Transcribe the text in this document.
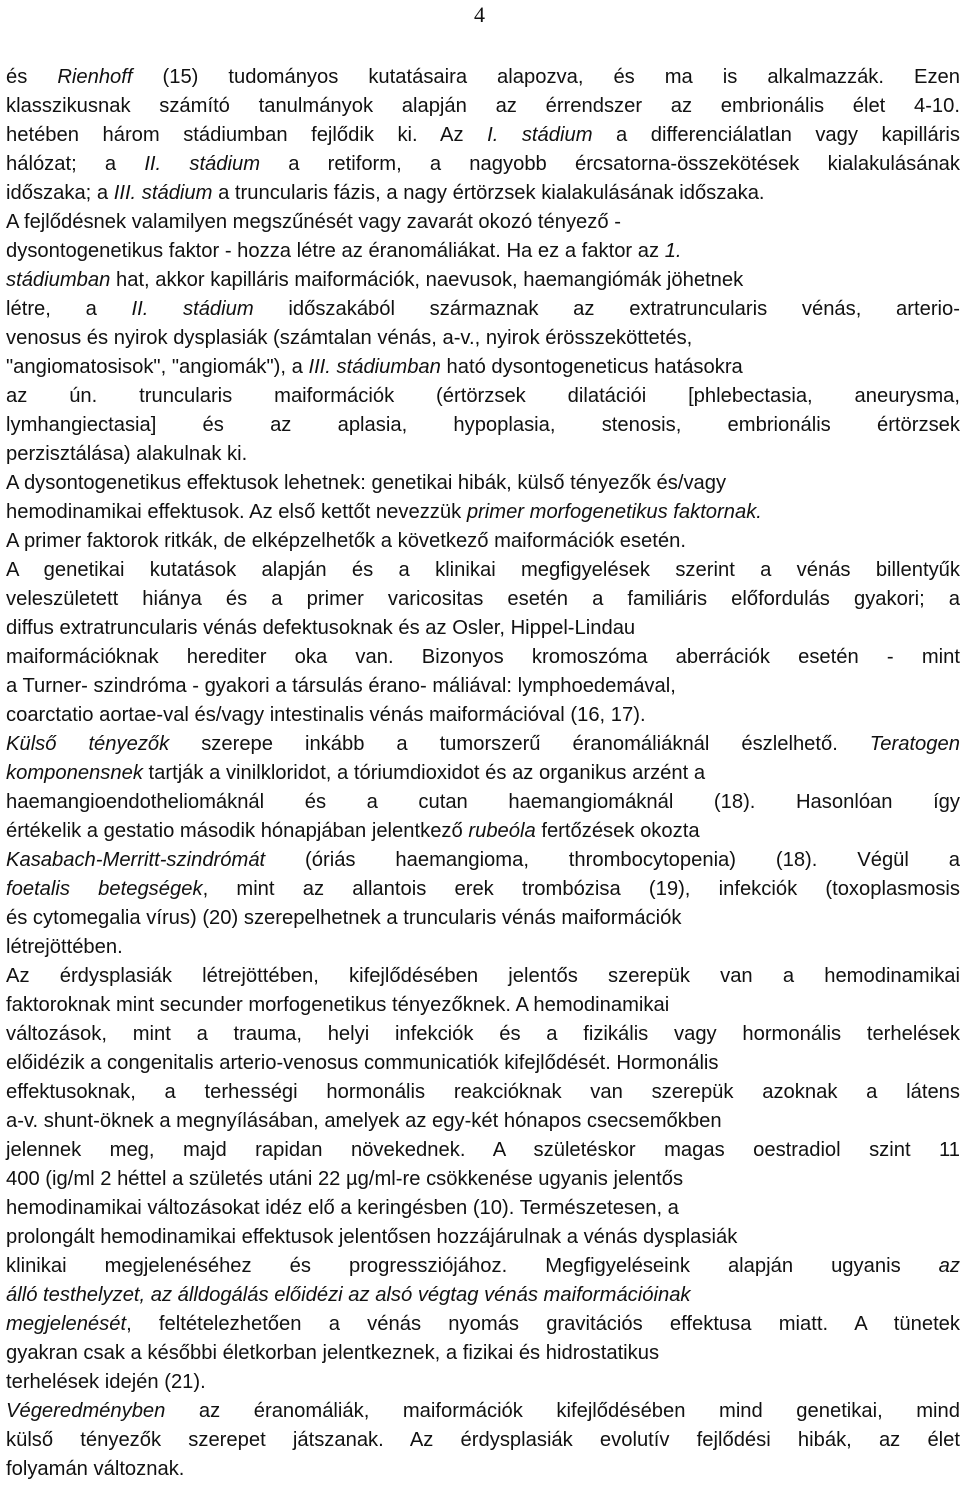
4
és Rienhoff (15) tudományos kutatásaira alapozva, és ma is alkalmazzák. Ezen
klasszikusnak számító tanulmányok alapján az érrendszer az embrionális élet 4-10.
hetében három stádiumban fejlődik ki. Az I. stádium a differenciálatlan vagy kapilláris
hálózat; a II. stádium a retiform, a nagyobb ércsatorna-összekötések kialakulásának
időszaka; a III. stádium a truncularis fázis, a nagy értörzsek kialakulásának időszaka.
A fejlődésnek valamilyen megszűnését vagy zavarát okozó tényező -
dysontogenetikus faktor - hozza létre az éranomáliákat. Ha ez a faktor az 1.
stádiumban hat, akkor kapilláris maiformációk, naevusok, haemangiómák jöhetnek
létre, a II. stádium időszakából származnak az extratruncularis vénás, arterio-
venosus és nyirok dysplasiák (számtalan vénás, a-v., nyirok érösszeköttetés,
"angiomatosisok", "angiomák"), a III. stádiumban ható dysontogeneticus hatásokra
az ún. truncularis maiformációk (értörzsek dilatációi [phlebectasia, aneurysma,
lymhangiectasia] és az aplasia, hypoplasia, stenosis, embrionális értörzsek
perzisztálása) alakulnak ki.
A dysontogenetikus effektusok lehetnek: genetikai hibák, külső tényezők és/vagy
hemodinamikai effektusok. Az első kettőt nevezzük primer morfogenetikus faktornak.
A primer faktorok ritkák, de elképzelhetők a következő maiformációk esetén.
A genetikai kutatások alapján és a klinikai megfigyelések szerint a vénás billentyűk
veleszületett hiánya és a primer varicositas esetén a familiáris előfordulás gyakori; a
diffus extratruncularis vénás defektusoknak és az Osler, Hippel-Lindau
maiformációknak herediter oka van. Bizonyos kromoszóma aberrációk esetén - mint
a Turner- szindróma - gyakori a társulás érano- máliával: lymphoedemával,
coarctatio aortae-val és/vagy intestinalis vénás maiformációval (16, 17).
Külső tényezők szerepe inkább a tumorszerű éranomáliáknál észlelhető. Teratogen
komponensnek tartják a vinilkloridot, a tóriumdioxidot és az organikus arzént a
haemangioendotheliomáknál és a cutan haemangiomáknál (18). Hasonlóan így
értékelik a gestatio második hónapjában jelentkező rubeóla fertőzések okozta
Kasabach-Merritt-szindrómát (óriás haemangioma, thrombocytopenia) (18). Végül a
foetalis betegségek, mint az allantois erek trombózisa (19), infekciók (toxoplasmosis
és cytomegalia vírus) (20) szerepelhetnek a truncularis vénás maiformációk
létrejöttében.
Az érdysplasiák létrejöttében, kifejlődésében jelentős szerepük van a hemodinamikai
faktoroknak mint secunder morfogenetikus tényezőknek. A hemodinamikai
változások, mint a trauma, helyi infekciók és a fizikális vagy hormonális terhelések
előidézik a congenitalis arterio-venosus communicatiók kifejlődését. Hormonális
effektusoknak, a terhességi hormonális reakcióknak van szerepük azoknak a látens
a-v. shunt-öknek a megnyílásában, amelyek az egy-két hónapos csecsemőkben
jelennek meg, majd rapidan növekednek. A születéskor magas oestradiol szint 11
400 (ig/ml 2 héttel a születés utáni 22 µg/ml-re csökkenése ugyanis jelentős
hemodinamikai változásokat idéz elő a keringésben (10). Természetesen, a
prolongált hemodinamikai effektusok jelentősen hozzájárulnak a vénás dysplasiák
klinikai megjelenéséhez és progressziójához. Megfigyeléseink alapján ugyanis az
álló testhelyzet, az álldogálás előidézi az alsó végtag vénás maiformációinak
megjelenését, feltételezhetően a vénás nyomás gravitációs effektusa miatt. A tünetek
gyakran csak a későbbi életkorban jelentkeznek, a fizikai és hidrostatikus
terhelések idején (21).
Végeredményben az éranomáliák, maiformációk kifejlődésében mind genetikai, mind
külső tényezők szerepet játszanak. Az érdysplasiák evolutív fejlődési hibák, az élet
folyamán változnak.
